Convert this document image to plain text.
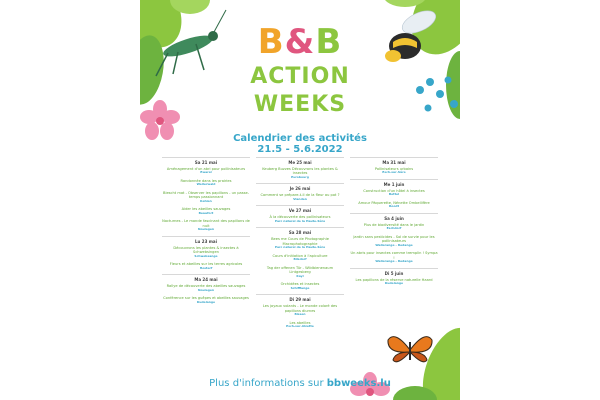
B&B
ACTION
WEEKS
Calendrier des activités
21.5 - 5.6.2022
Sa 21 mai
Aménagement d'un abri pour pollinisateurs
Ewarel
Randonnée dans les prairies
Weilerwald
Biescht mat - Observer les papillons - un passe-temps passionnant
Kehlen
Aider les abeilles sauvages
Beaufort
Nocturnes - Le monde fascinant des papillons de nuit
Noulegen
Lu 23 mai
Découvrons les plantes & insectes à Schwebsingen
Schwebsange
Fleurs et abeilles sur les terres agricoles
Hosterf
Ma 24 mai
Rallye de découverte des abeilles sauvages
Noulegen
Conférence sur les guêpes et abeilles sauvages
Dudelange
Me 25 mai
Keuberg Buzzes Découvrons les plantes & insectes
Eurobourg
Je 26 mai
Comment se prépare-t-il de la fleur au pot ?
Vianden
Ve 27 mai
À la découverte des pollinisateurs
Parc naturel de la Haute-Sûre
Sa 28 mai
Bees me Cours de Photographie Macrophotographie
Parc naturel de la Haute-Sûre
Cours d'initiation à l'apiculture
Bilsdorf
Tag der offenen Tür - Wildbienenaum Lintgesberg
Kayl
Orchidées et insectes
Schifflange
Di 29 mai
Les joyaux volants - Le monde coloré des papillons diurnes
Bissen
Les abeilles
Esch-sur-Alzette
Ma 31 mai
Pollinisateurs urbains
Esch-sur-Sûre
Me 1 juin
Construction d'un hôtel à insectes
Bettel
Amour Pâquerette, Nénette Ombellifère
Roodt
Sa 4 juin
Plus de biodiversité dans le jardin
Eschdorf
Jardin sans pesticides - Sol de survie pour les pollinisateurs
Wallerange - Redange
Un abris pour insectes comme tremplin ! Sympa !
Wallerange - Redange
Di 5 juin
Les papillons de la réserve naturelle Haard
Dudelange
Plus d'informations sur bbweeks.lu
